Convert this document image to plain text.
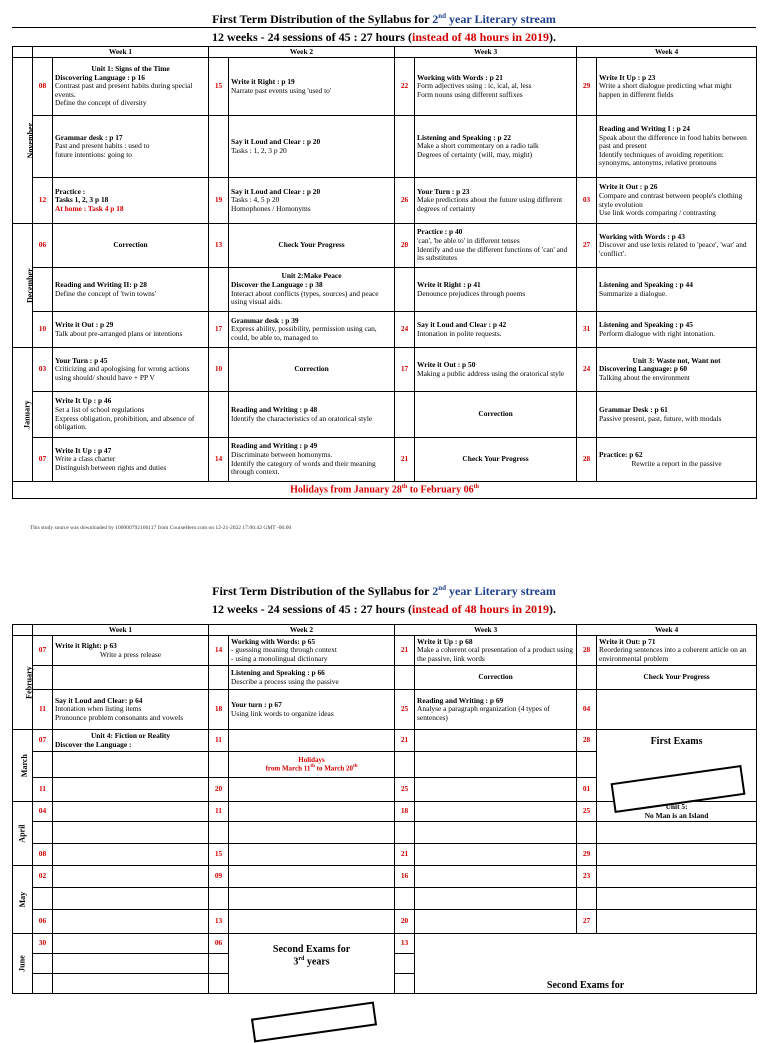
First Term Distribution of the Syllabus for 2nd year Literary stream
12 weeks - 24 sessions of 45 : 27 hours (instead of 48 hours in 2019).
	Week 1		Week 2		Week 3		Week 4	
November	08	Unit 1: Signs of the Time
Discovering Language : p 16
Contrast past and present habits during special events.
Define the concept of diversity	15	Write it Right : p 19
Narrate past events using 'used to'	22	Working with Words : p 21
Form adjectives using : ic, ical, al, less
Form nouns using different suffixes	29	Write It Up : p 23
Write a short dialogue predicting what might happen in different fields

		Grammar desk : p 17
Past and present habits : used to
future intentions: going to		Say it Loud and Clear : p 20
Tasks : 1, 2, 3 p 20		Listening and Speaking : p 22
Make a short commentary on a radio talk
Degrees of certainty (will, may, might)		Reading and Writing I : p 24
Speak about the difference in food habits between past and present
Identify techniques of avoiding repetition: synonyms, antonyms, relative pronouns

	12	Practice :
Tasks 1, 2, 3 p 18
At home : Task 4 p 18	19	Say it Loud and Clear : p 20
Tasks : 4, 5 p 20
Homophones / Homonyms	26	Your Turn : p 23
Make predictions about the future using different degrees of certainty	03	Write it Out : p 26
Compare and contrast between people's clothing style evolution
Use link words comparing / contrasting

December	06	Correction	13	Check Your Progress	20	Practice : p 40
'can', 'be able to' in different tenses
Identify and use the different functions of 'can' and its substitutes	27	Working with Words : p 43
Discover and use lexis related to 'peace', 'war' and 'conflict'.

		Reading and Writing II: p 28
Define the concept of 'twin towns'		Unit 2:Make Peace
Discover the Language : p 38
Interact about conflicts (types, sources) and peace using visual aids.		Write it Right : p 41
Denounce prejudices through poems		Listening and Speaking : p 44
Summarize a dialogue.

	10	Write it Out : p 29
Talk about pre-arranged plans or intentions	17	Grammar desk : p 39
Express ability, possibility, permission using can, could, be able to, managed to	24	Say it Loud and Clear : p 42
Intonation in polite requests.	31	Listening and Speaking : p 45
Perform dialogue with right intonation.

January	03	Your Turn : p 45
Criticizing and apologising for wrong actions using should/ should have + PP V	10	Correction	17	Write it Out : p 50
Making a public address using the oratorical style	24	Unit 3: Waste not, Want not
Discovering Language: p 60
Talking about the environment

		Write It Up : p 46
Set a list of school regulations
Express obligation, prohibition, and absence of obligation.		Reading and Writing : p 48
Identify the characteristics of an oratorical style		Correction		Grammar Desk : p 61
Passive present, past, future, with modals

	07	Write It Up : p 47
Write a class charter
Distinguish between rights and duties	14	Reading and Writing : p 49
Discriminate between homonyms.
Identify the category of words and their meaning through context.	21	Check Your Progress	28	Practice: p 62
Rewrite a report in the passive

Holidays from January 28th to February 06th
This study source was downloaded by 100000792166117 from CourseHero.com on 12-21-2022 17:06:42 GMT -06:00
First Term Distribution of the Syllabus for 2nd year Literary stream
12 weeks - 24 sessions of 45 : 27 hours (instead of 48 hours in 2019).
	Week 1		Week 2		Week 3		Week 4	
February	07	Write it Right: p 63
Write a press release	14	Working with Words: p 65
- guessing meaning through context
- using a monolingual dictionary	21	Write it Up : p 68
Make a coherent oral presentation of a product using the passive, link words	28	Write it Out: p 71
Reordering sentences into a coherent article on an environmental problem

				Listening and Speaking : p 66
Describe a process using the passive		Correction		Check Your Progress
	11	Say it Loud and Clear: p 64
Intonation when listing items
Pronounce problem consonants and vowels	18	Your turn : p 67
Using link words to organize ideas	25	Reading and Writing : p 69
Analyse a paragraph organization (4 types of sentences)	04	
March	07	Unit 4: Fiction or Reality
Discover the Language :	11		21		28	First Exams
				Holidays
from March 11th to March 20th			
	11		20		25		01	
April	04		11		18		25	Unit 5:
No Man is an Island

	08		15		21		29	
May	02		09		16		23	

	06		13		20		27	
June	30		06	Second Exams for
3rd years	13	Second Exams for		
